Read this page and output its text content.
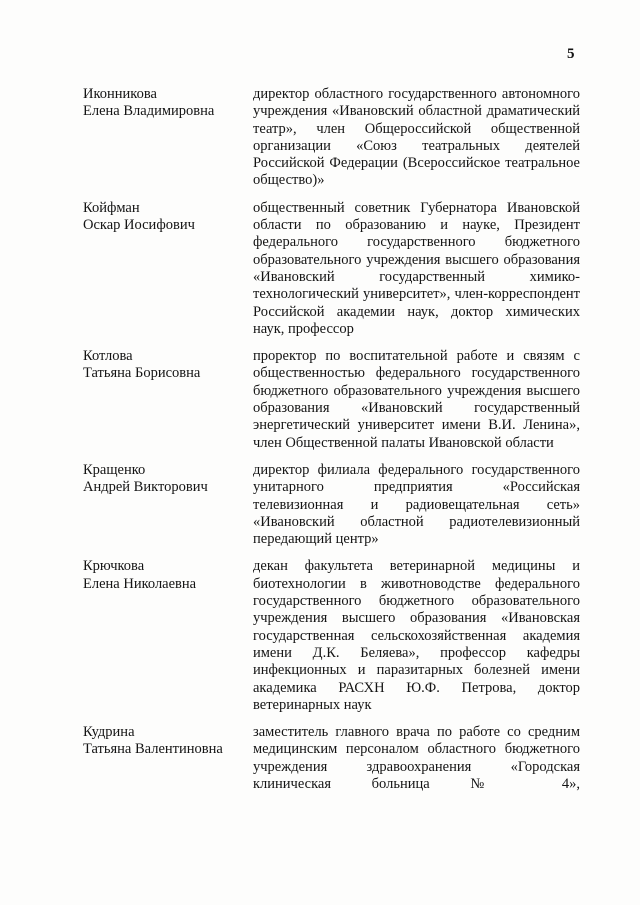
5
Иконникова
Елена Владимировна
директор областного государственного автономного учреждения «Ивановский областной драматический театр», член Общероссийской общественной организации «Союз театральных деятелей Российской Федерации (Всероссийское театральное общество)»
Койфман
Оскар Иосифович
общественный советник Губернатора Ивановской области по образованию и науке, Президент федерального государственного бюджетного образовательного учреждения высшего образования «Ивановский государственный химико-технологический университет», член-корреспондент Российской академии наук, доктор химических наук, профессор
Котлова
Татьяна Борисовна
проректор по воспитательной работе и связям с общественностью федерального государственного бюджетного образовательного учреждения высшего образования «Ивановский государственный энергетический университет имени В.И. Ленина», член Общественной палаты Ивановской области
Кращенко
Андрей Викторович
директор филиала федерального государственного унитарного предприятия «Российская телевизионная и радиовещательная сеть» «Ивановский областной радиотелевизионный передающий центр»
Крючкова
Елена Николаевна
декан факультета ветеринарной медицины и биотехнологии в животноводстве федерального государственного бюджетного образовательного учреждения высшего образования «Ивановская государственная сельскохозяйственная академия имени Д.К. Беляева», профессор кафедры инфекционных и паразитарных болезней имени академика РАСХН Ю.Ф. Петрова, доктор ветеринарных наук
Кудрина
Татьяна Валентиновна
заместитель главного врача по работе со средним медицинским персоналом областного бюджетного учреждения здравоохранения «Городская клиническая больница № 4»,
